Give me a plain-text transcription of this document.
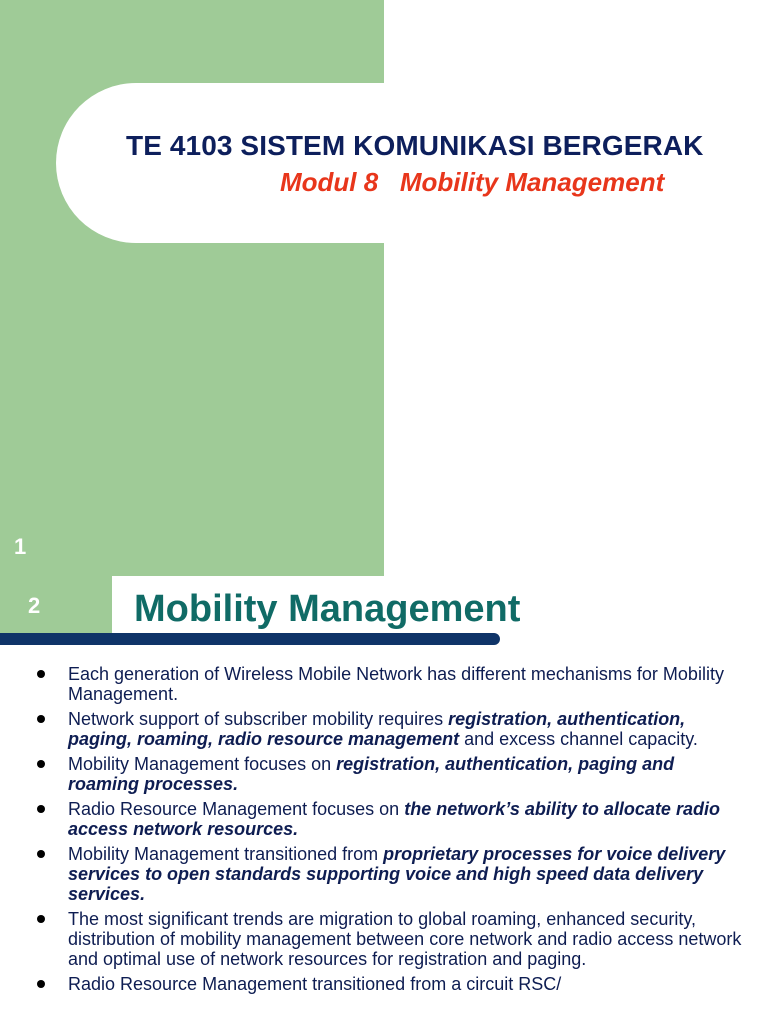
TE 4103 SISTEM KOMUNIKASI BERGERAK
Modul 8   Mobility Management
1
2 Mobility Management
Each generation of Wireless Mobile Network has different mechanisms for Mobility Management.
Network support of subscriber mobility requires registration, authentication, paging, roaming, radio resource management and excess channel capacity.
Mobility Management focuses on registration, authentication, paging and roaming processes.
Radio Resource Management focuses on the network’s ability to allocate radio access network resources.
Mobility Management transitioned from proprietary processes for voice delivery services to open standards supporting voice and high speed data delivery services.
The most significant trends are migration to global roaming, enhanced security, distribution of mobility management between core network and radio access network and optimal use of network resources for registration and paging.
Radio Resource Management transitioned from a circuit RSC/
